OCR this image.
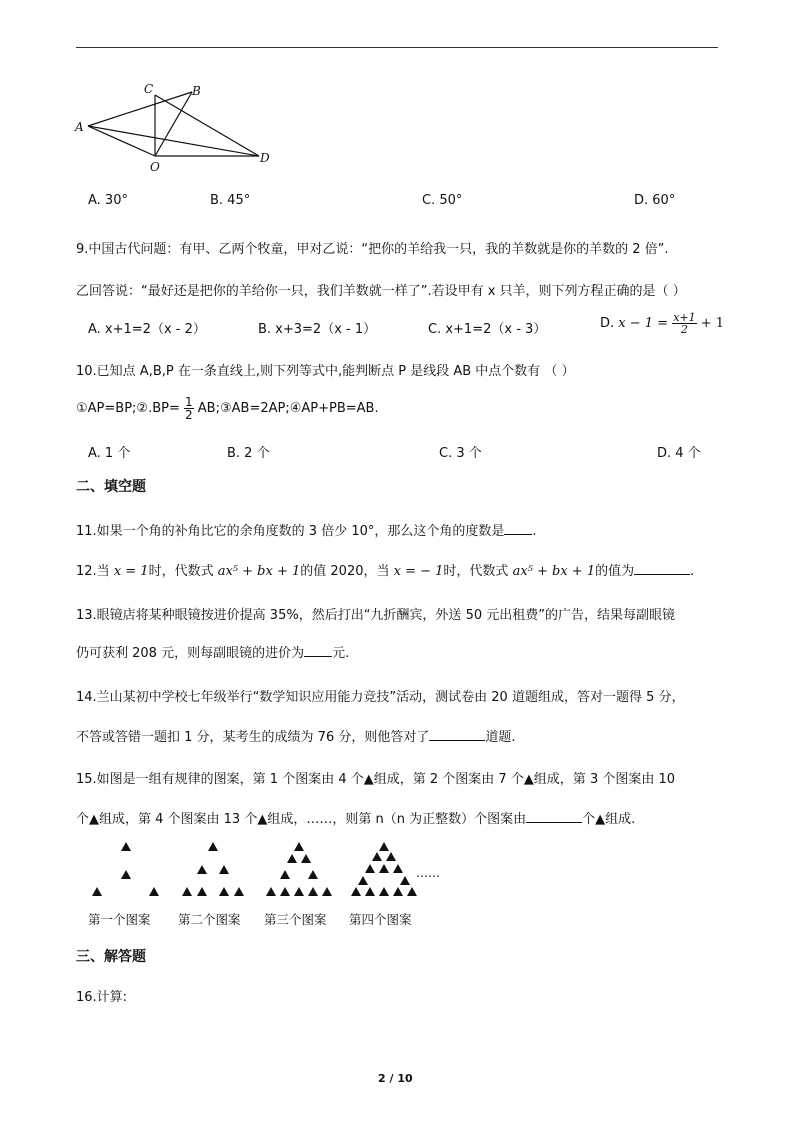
A
C	B
O
D
A. 30°	B. 45°	C. 50°	D. 60°
9.中国古代问题：有甲、乙两个牧童，甲对乙说：“把你的羊给我一只，我的羊数就是你的羊数的 2 倍”.
乙回答说：“最好还是把你的羊给你一只，我们羊数就一样了”.若设甲有 x 只羊，则下列方程正确的是（ ）
A. x+1=2（x - 2）	B. x+3=2（x - 1）	C. x+1=2（x - 3）	D. $x - 1 = \frac{x+1}{2} + 1$
10.已知点 A,B,P 在一条直线上,则下列等式中,能判断点 P 是线段 AB 中点个数有 （ ）
①AP=BP;②.BP= $\frac{1}{2}$ AB;③AB=2AP;④AP+PB=AB.
A. 1 个	B. 2 个	C. 3 个	D. 4 个
二、填空题
11.如果一个角的补角比它的余角度数的 3 倍少 10°，那么这个角的度数是 .
12.当 x = 1时，代数式 ax⁵ + bx + 1的值 2020，当 x = − 1时，代数式 ax⁵ + bx + 1的值为	.
13.眼镜店将某种眼镜按进价提高 35%，然后打出“九折酬宾，外送 50 元出租费”的广告，结果每副眼镜
仍可获利 208 元，则每副眼镜的进价为 元.
14.兰山某初中学校七年级举行“数学知识应用能力竞技”活动，测试卷由 20 道题组成，答对一题得 5 分，
不答或答错一题扣 1 分，某考生的成绩为 76 分，则他答对了	道题.
15.如图是一组有规律的图案，第 1 个图案由 4 个▲组成，第 2 个图案由 7 个▲组成，第 3 个图案由 10
个▲组成，第 4 个图案由 13 个▲组成，……，则第 n（n 为正整数）个图案由	个▲组成.
……
第一个图案 第二个图案 第三个图案 第四个图案
三、解答题
16.计算:
2 / 10
